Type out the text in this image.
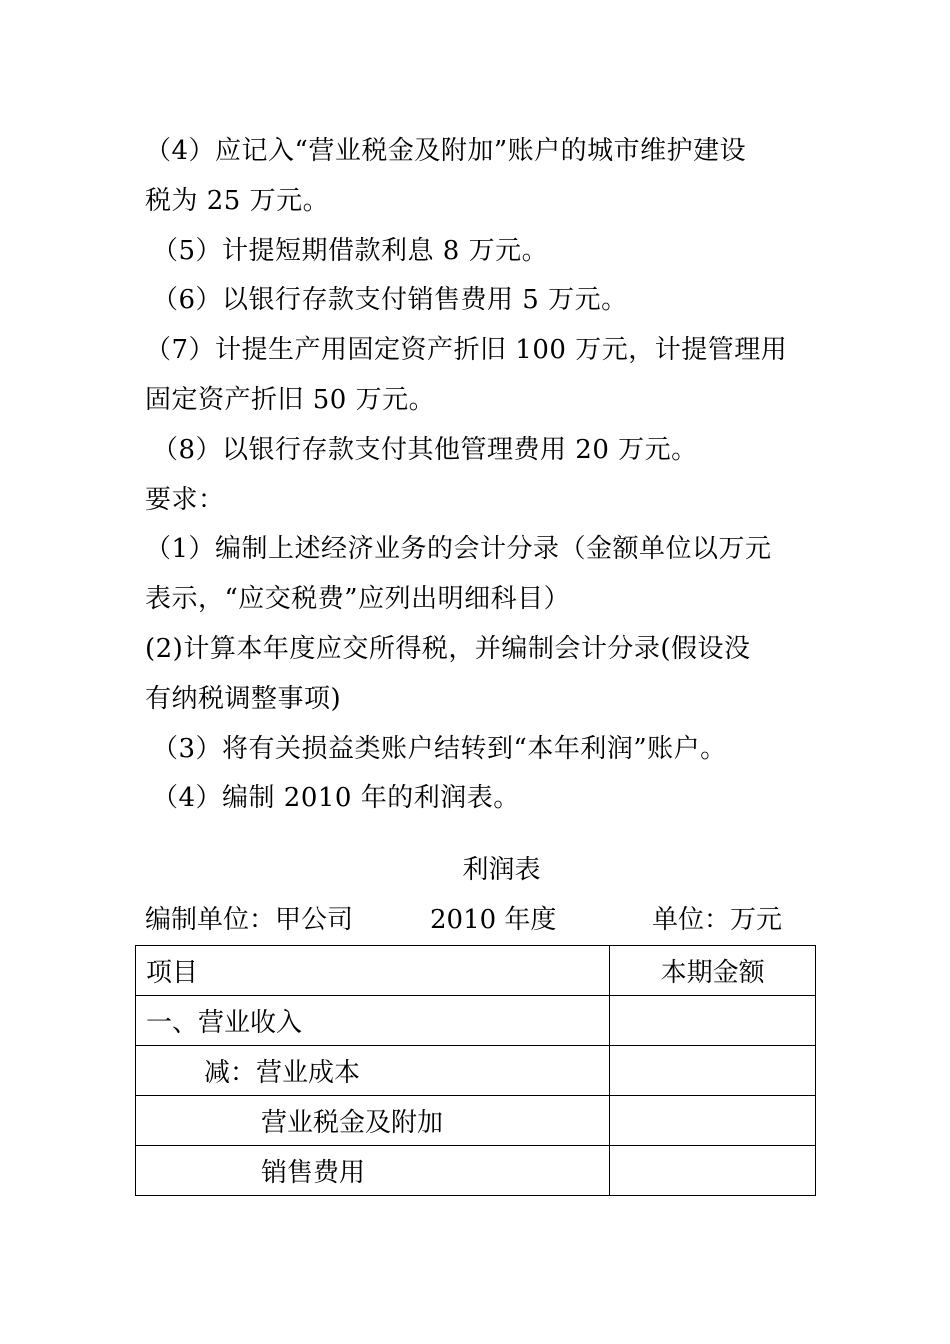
（4）应记入“营业税金及附加”账户的城市维护建设
税为 25 万元。
（5）计提短期借款利息 8 万元。
（6）以银行存款支付销售费用 5 万元。
（7）计提生产用固定资产折旧 100 万元，计提管理用
固定资产折旧 50 万元。
（8）以银行存款支付其他管理费用 20 万元。
要求：
（1）编制上述经济业务的会计分录（金额单位以万元
表示，“应交税费”应列出明细科目）
(2)计算本年度应交所得税，并编制会计分录(假设没
有纳税调整事项)
（3）将有关损益类账户结转到“本年利润”账户。
（4）编制 2010 年的利润表。
利润表
编制单位：甲公司	2010 年度	单位：万元
项目	本期金额
一、营业收入	
减：营业成本	
营业税金及附加	
销售费用	
